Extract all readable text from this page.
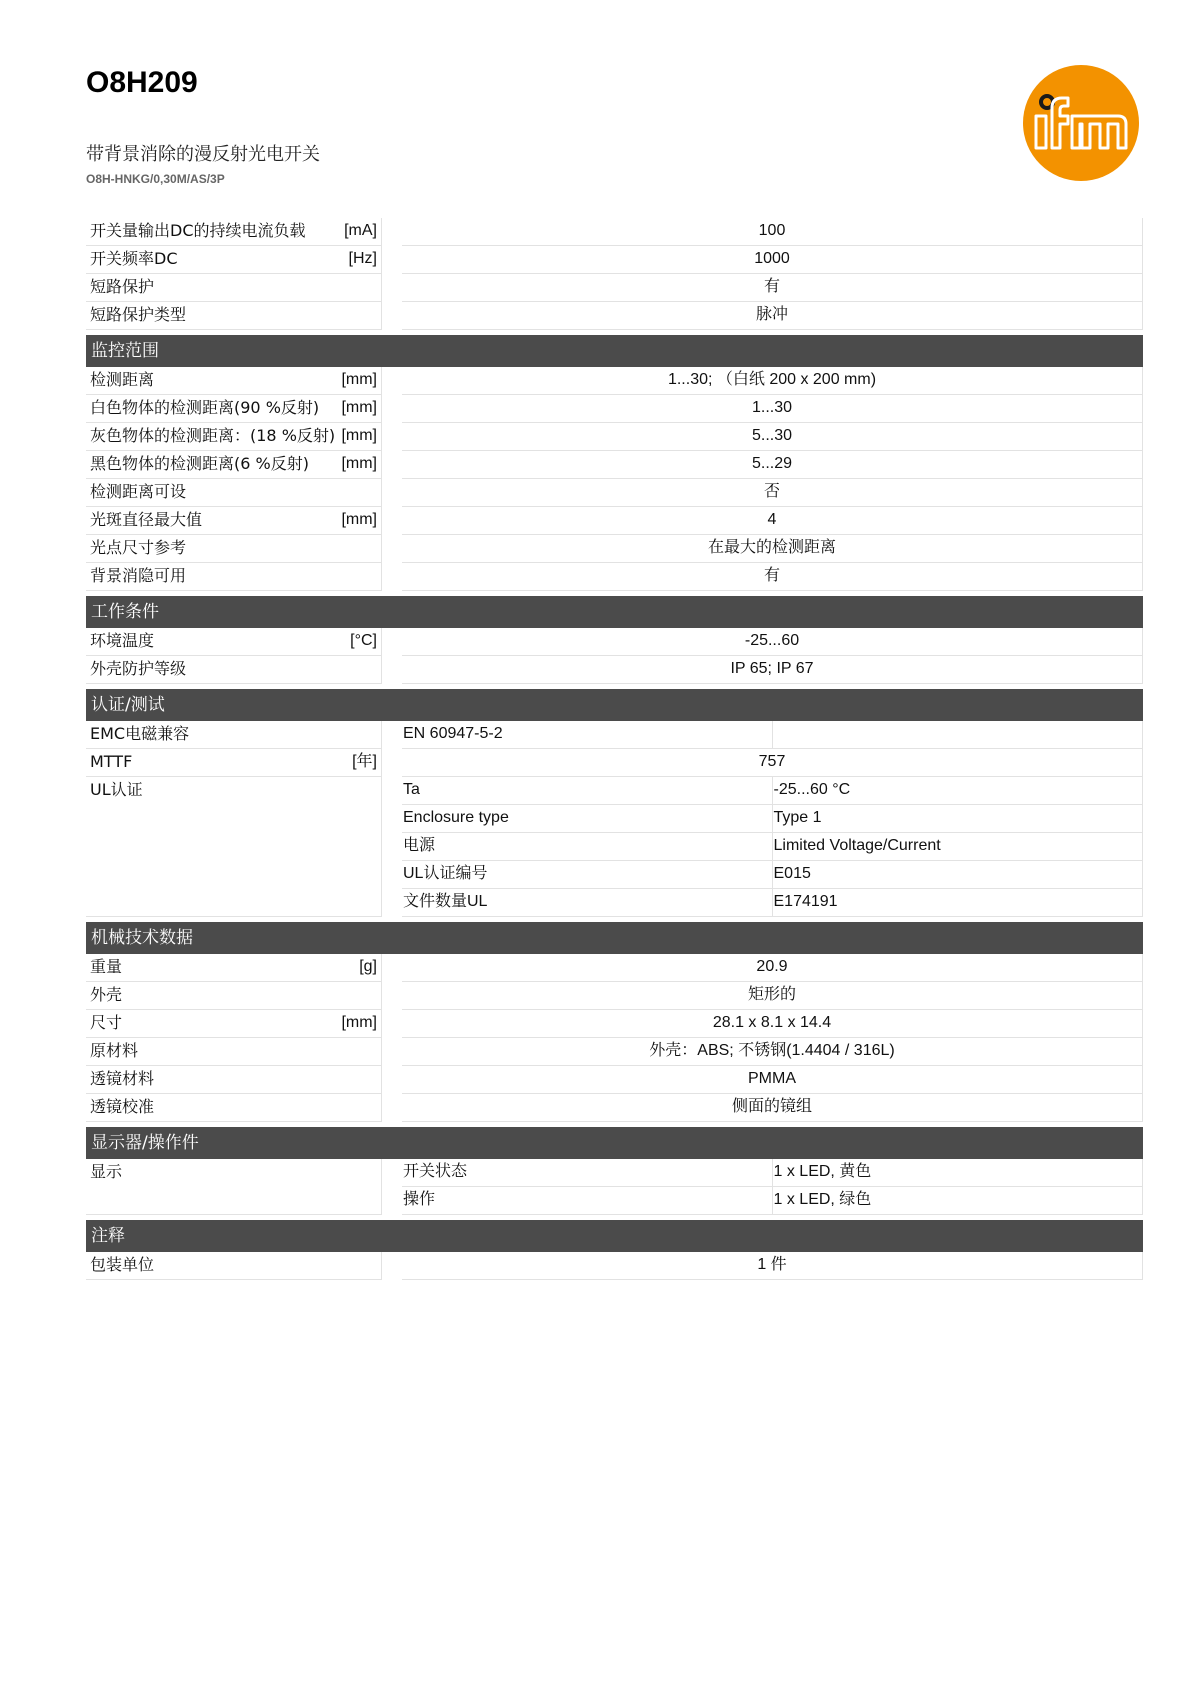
O8H209
带背景消除的漫反射光电开关
O8H-HNKG/0,30M/AS/3P
开关量输出DC的持续电流负载	[mA]	100
开关频率DC	[Hz]	1000
短路保护	有
短路保护类型	脉冲
监控范围
检测距离	[mm]	1...30; （白纸 200 x 200 mm)
白色物体的检测距离(90 %反射)	[mm]	1...30
灰色物体的检测距离：(18 %反射) [mm]	5...30
黑色物体的检测距离(6 %反射)	[mm]	5...29
检测距离可设	否
光斑直径最大值	[mm]	4
光点尺寸参考	在最大的检测距离
背景消隐可用	有
工作条件
环境温度	[°C]	-25...60
外壳防护等级	IP 65; IP 67
认证/测试
EMC电磁兼容	EN 60947-5-2
MTTF	[年]	757
UL认证	Ta	-25...60 °C
Enclosure type	Type 1
电源	Limited Voltage/Current
UL认证编号	E015
文件数量UL	E174191
机械技术数据
重量	[g]	20.9
外壳	矩形的
尺寸	[mm]	28.1 x 8.1 x 14.4
原材料	外壳：ABS; 不锈钢(1.4404 / 316L)
透镜材料	PMMA
透镜校准	侧面的镜组
显示器/操作件
显示	开关状态	1 x LED, 黄色
操作	1 x LED, 绿色
注释
包装单位	1 件
